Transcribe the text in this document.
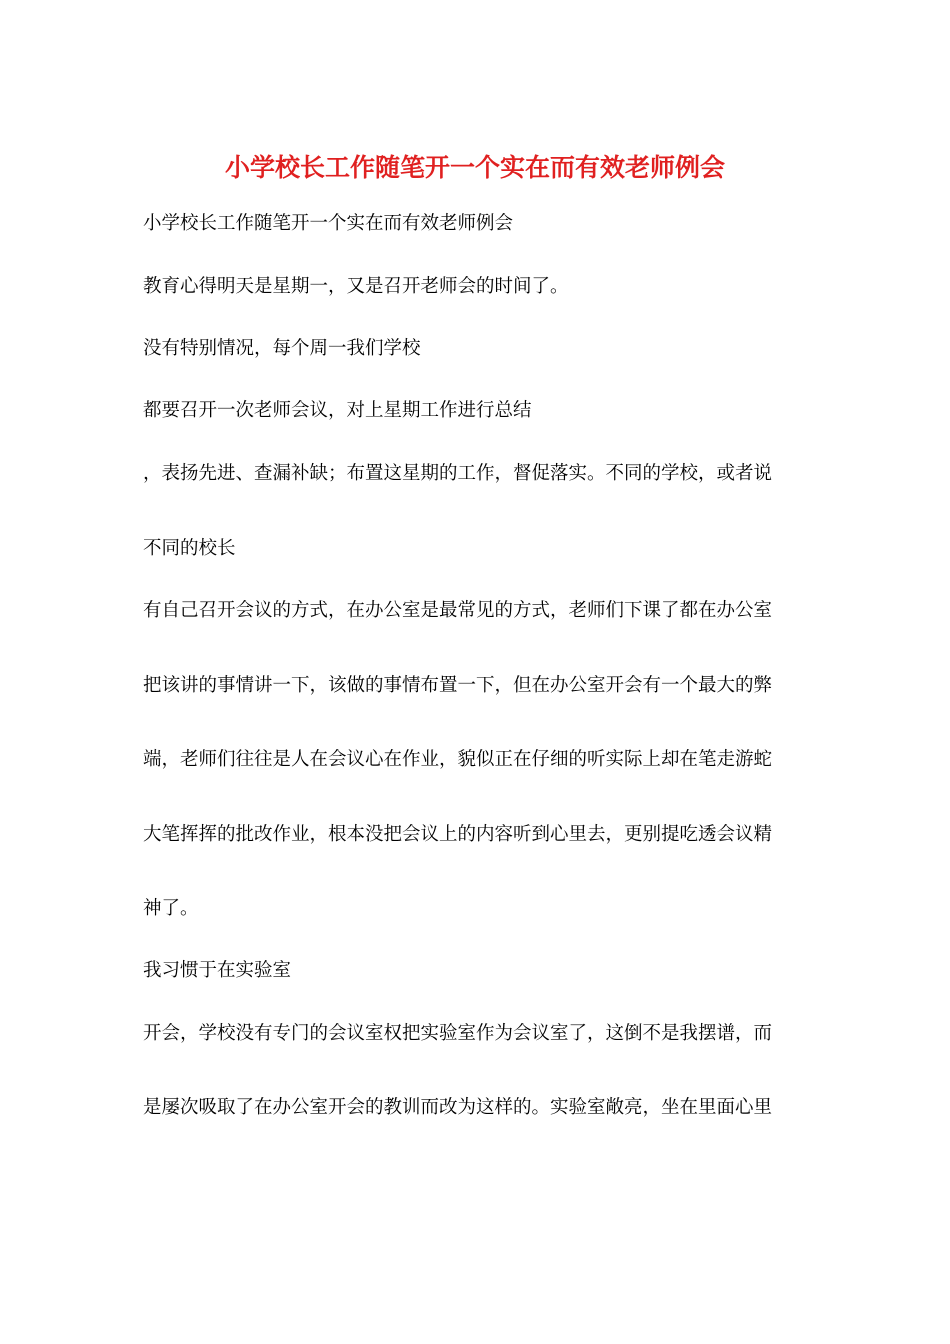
小学校长工作随笔开一个实在而有效老师例会
小学校长工作随笔开一个实在而有效老师例会
教育心得明天是星期一，又是召开老师会的时间了。
没有特别情况，每个周一我们学校
都要召开一次老师会议，对上星期工作进行总结
，表扬先进、查漏补缺；布置这星期的工作，督促落实。不同的学校，或者说
不同的校长
有自己召开会议的方式，在办公室是最常见的方式，老师们下课了都在办公室
把该讲的事情讲一下，该做的事情布置一下，但在办公室开会有一个最大的弊
端，老师们往往是人在会议心在作业，貌似正在仔细的听实际上却在笔走游蛇
大笔挥挥的批改作业，根本没把会议上的内容听到心里去，更别提吃透会议精
神了。
我习惯于在实验室
开会，学校没有专门的会议室权把实验室作为会议室了，这倒不是我摆谱，而
是屡次吸取了在办公室开会的教训而改为这样的。实验室敞亮，坐在里面心里
